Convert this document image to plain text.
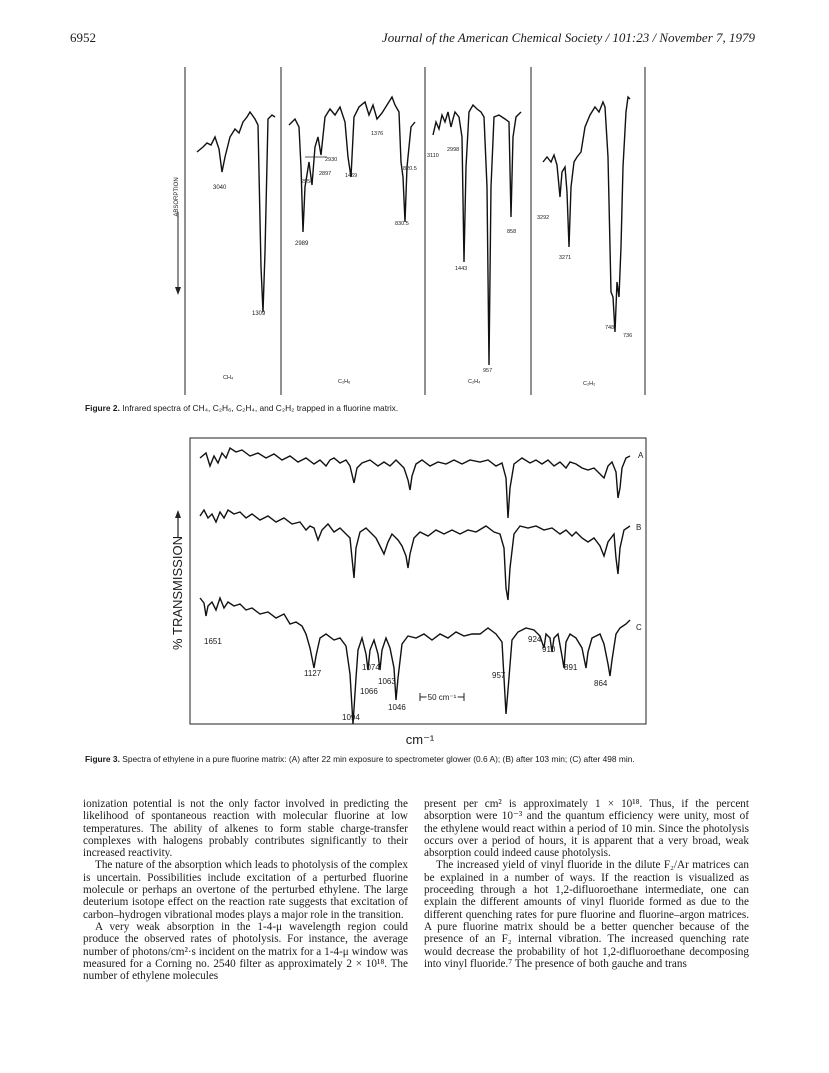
6952	Journal of the American Chemical Society / 101:23 / November 7, 1979
ABSORPTION	3040
1309
CH₄
2989
2956
2930
2897	1469
1376
820.5
830.5
C₂H₆
3110
2998
1443
957
858
C₂H₄
3292
3271
748
736
C₂H₂
Figure 2. Infrared spectra of CH₄, C₂H₆, C₂H₄, and C₂H₂ trapped in a fluorine matrix.
% TRANSMISSION
A
B
C
1651
1127
1094
1074
1066
1063
1046
957
924
910
891
864
50 cm⁻¹
cm⁻¹
Figure 3. Spectra of ethylene in a pure fluorine matrix: (A) after 22 min exposure to spectrometer glower (0.6 A); (B) after 103 min; (C) after 498 min.

ionization potential is not the only factor involved in predicting the likelihood of spontaneous reaction with molecular fluorine at low temperatures. The ability of alkenes to form stable charge-transfer complexes with halogens probably contributes significantly to their increased reactivity.

The nature of the absorption which leads to photolysis of the complex is uncertain. Possibilities include excitation of a perturbed fluorine molecule or perhaps an overtone of the perturbed ethylene. The large deuterium isotope effect on the reaction rate suggests that excitation of carbon–hydrogen vibrational modes plays a major role in the transition.

A very weak absorption in the 1-4-μ wavelength region could produce the observed rates of photolysis. For instance, the average number of photons/cm²·s incident on the matrix for a 1-4-μ window was measured for a Corning no. 2540 filter as approximately 2 × 10¹⁸. The number of ethylene molecules

present per cm² is approximately 1 × 10¹⁸. Thus, if the percent absorption were 10⁻³ and the quantum efficiency were unity, most of the ethylene would react within a period of 10 min. Since the photolysis occurs over a period of hours, it is apparent that a very broad, weak absorption could indeed cause photolysis.

The increased yield of vinyl fluoride in the dilute F₂/Ar matrices can be explained in a number of ways. If the reaction is visualized as proceeding through a hot 1,2-difluoroethane intermediate, one can explain the different amounts of vinyl fluoride formed as due to the different quenching rates for pure fluorine and fluorine–argon matrices. A pure fluorine matrix should be a better quencher because of the presence of an F₂ internal vibration. The increased quenching rate would decrease the probability of hot 1,2-difluoroethane decomposing into vinyl fluoride.⁷ The presence of both gauche and trans
